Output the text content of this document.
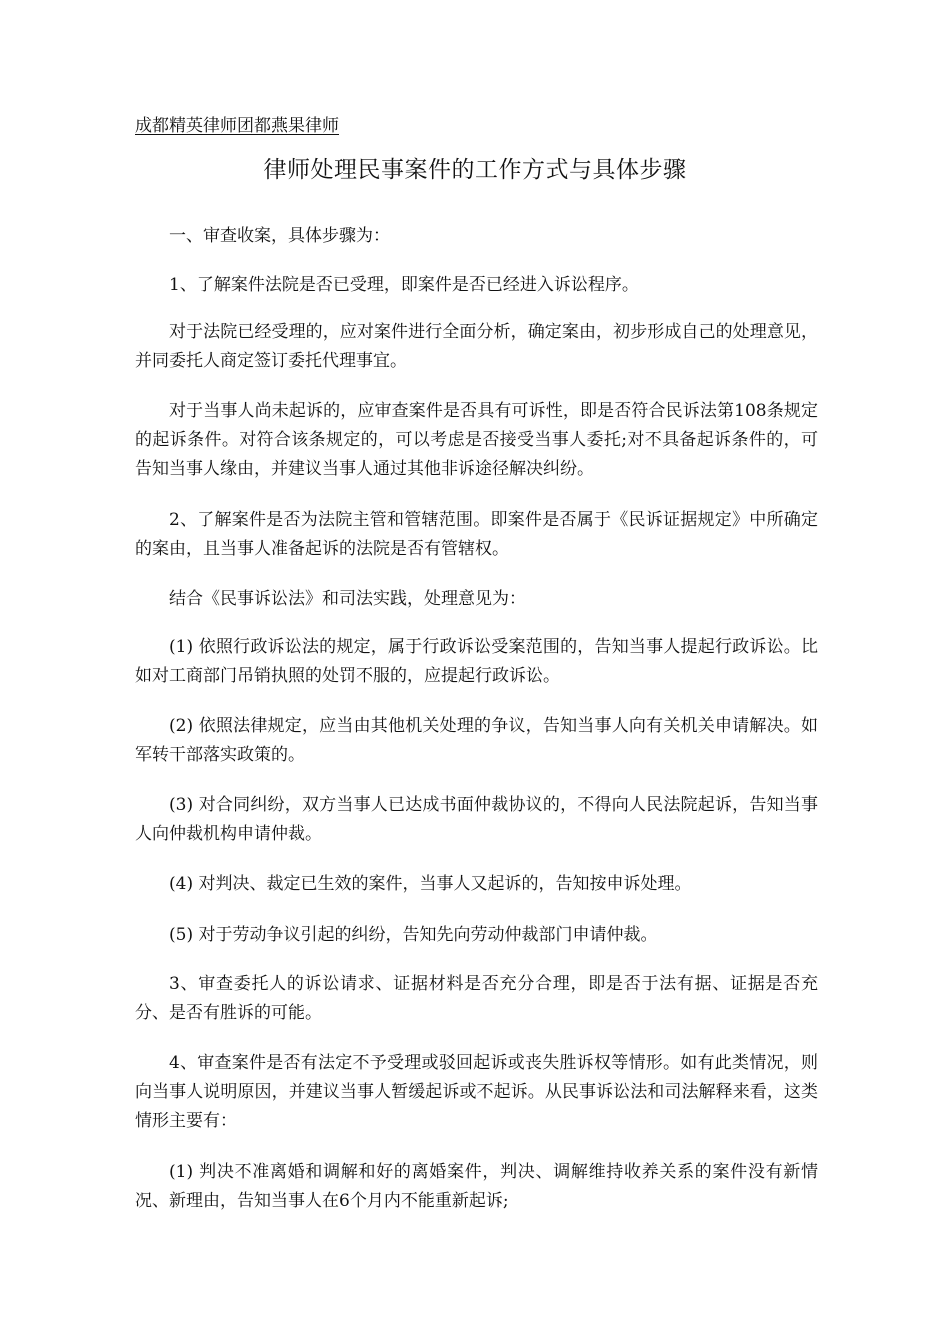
成都精英律师团都燕果律师
律师处理民事案件的工作方式与具体步骤

一、审查收案，具体步骤为：

1、了解案件法院是否已受理，即案件是否已经进入诉讼程序。

对于法院已经受理的，应对案件进行全面分析，确定案由，初步形成自己的处理意见，并同委托人商定签订委托代理事宜。

对于当事人尚未起诉的，应审查案件是否具有可诉性，即是否符合民诉法第108条规定的起诉条件。对符合该条规定的，可以考虑是否接受当事人委托;对不具备起诉条件的，可告知当事人缘由，并建议当事人通过其他非诉途径解决纠纷。

2、了解案件是否为法院主管和管辖范围。即案件是否属于《民诉证据规定》中所确定的案由，且当事人准备起诉的法院是否有管辖权。

结合《民事诉讼法》和司法实践，处理意见为：

(1) 依照行政诉讼法的规定，属于行政诉讼受案范围的，告知当事人提起行政诉讼。比如对工商部门吊销执照的处罚不服的，应提起行政诉讼。

(2) 依照法律规定，应当由其他机关处理的争议，告知当事人向有关机关申请解决。如军转干部落实政策的。

(3) 对合同纠纷，双方当事人已达成书面仲裁协议的，不得向人民法院起诉，告知当事人向仲裁机构申请仲裁。

(4) 对判决、裁定已生效的案件，当事人又起诉的，告知按申诉处理。

(5) 对于劳动争议引起的纠纷，告知先向劳动仲裁部门申请仲裁。

3、审查委托人的诉讼请求、证据材料是否充分合理，即是否于法有据、证据是否充分、是否有胜诉的可能。

4、审查案件是否有法定不予受理或驳回起诉或丧失胜诉权等情形。如有此类情况，则向当事人说明原因，并建议当事人暂缓起诉或不起诉。从民事诉讼法和司法解释来看，这类情形主要有：

(1) 判决不准离婚和调解和好的离婚案件，判决、调解维持收养关系的案件没有新情况、新理由，告知当事人在6个月内不能重新起诉;
